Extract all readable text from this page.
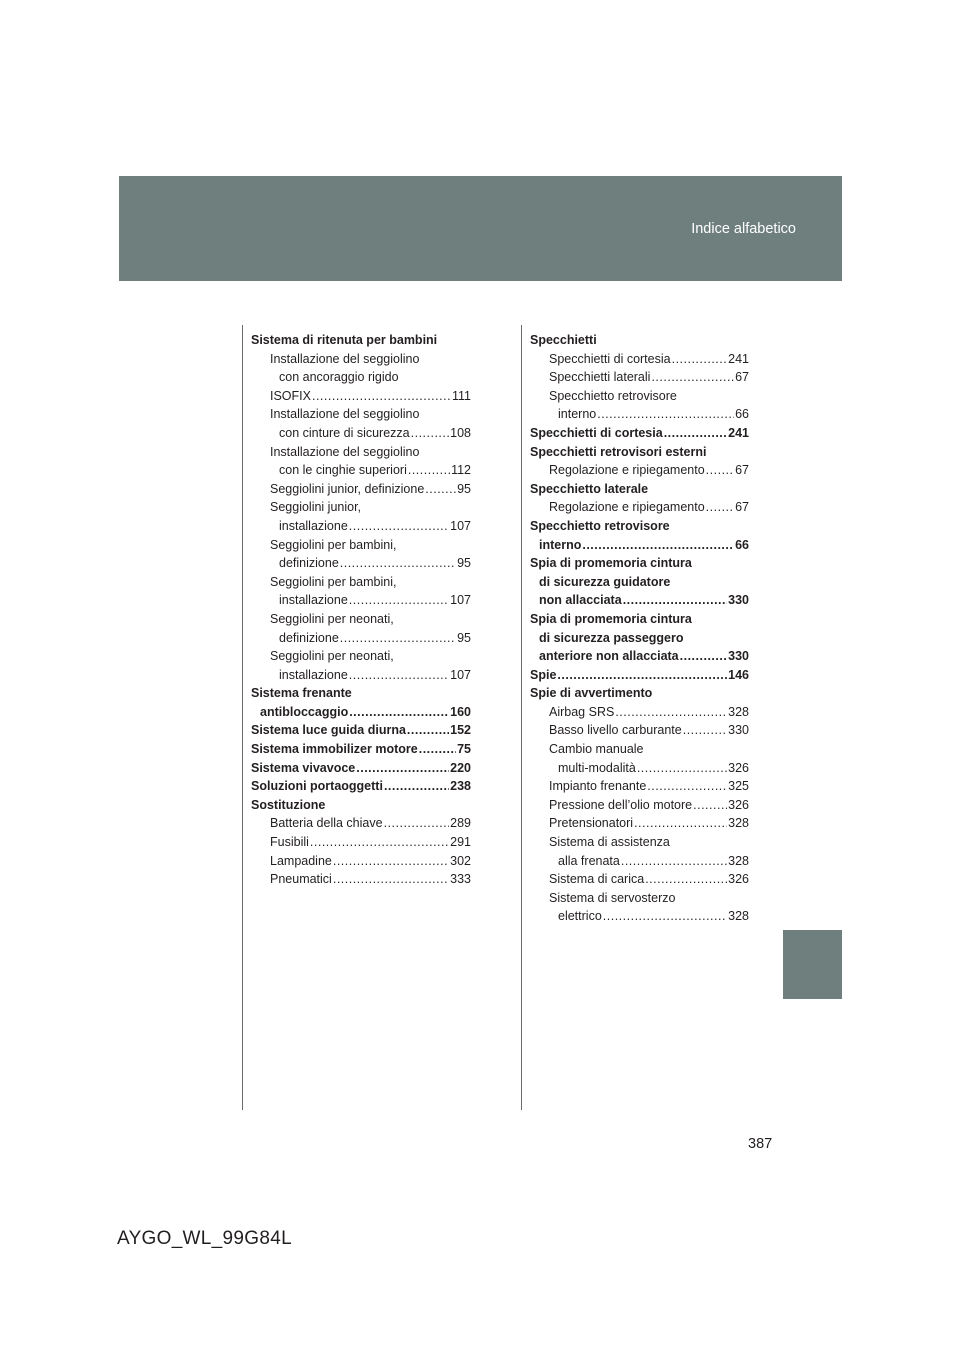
Indice alfabetico
Sistema di ritenuta per bambini
Installazione del seggiolino
con ancoraggio rigido
ISOFIX .....	111
Installazione del seggiolino
con cinture di sicurezza .....	108
Installazione del seggiolino
con le cinghie superiori .....	112
Seggiolini junior, definizione .....	95
Seggiolini junior,
installazione .....	107
Seggiolini per bambini,
definizione .....	95
Seggiolini per bambini,
installazione .....	107
Seggiolini per neonati,
definizione .....	95
Seggiolini per neonati,
installazione .....	107
Sistema frenante
antibloccaggio .....	160
Sistema luce guida diurna .....	152
Sistema immobilizer motore .....	75
Sistema vivavoce .....	220
Soluzioni portaoggetti .....	238
Sostituzione
Batteria della chiave .....	289
Fusibili .....	291
Lampadine .....	302
Pneumatici .....	333
Specchietti
Specchietti di cortesia .....	241
Specchietti laterali .....	67
Specchietto retrovisore
interno .....	66
Specchietti di cortesia .....	241
Specchietti retrovisori esterni
Regolazione e ripiegamento ..... 67
Specchietto laterale
Regolazione e ripiegamento ..... 67
Specchietto retrovisore
interno .....	66
Spia di promemoria cintura
di sicurezza guidatore
non allacciata .....	330
Spia di promemoria cintura
di sicurezza passeggero
anteriore non allacciata .....	330
Spie .....	146
Spie di avvertimento
Airbag SRS .....	328
Basso livello carburante .....	330
Cambio manuale
multi-modalità .....	326
Impianto frenante .....	325
Pressione dell’olio motore .....	326
Pretensionatori .....	328
Sistema di assistenza
alla frenata .....	328
Sistema di carica .....	326
Sistema di servosterzo
elettrico .....	328
387
AYGO_WL_99G84L
